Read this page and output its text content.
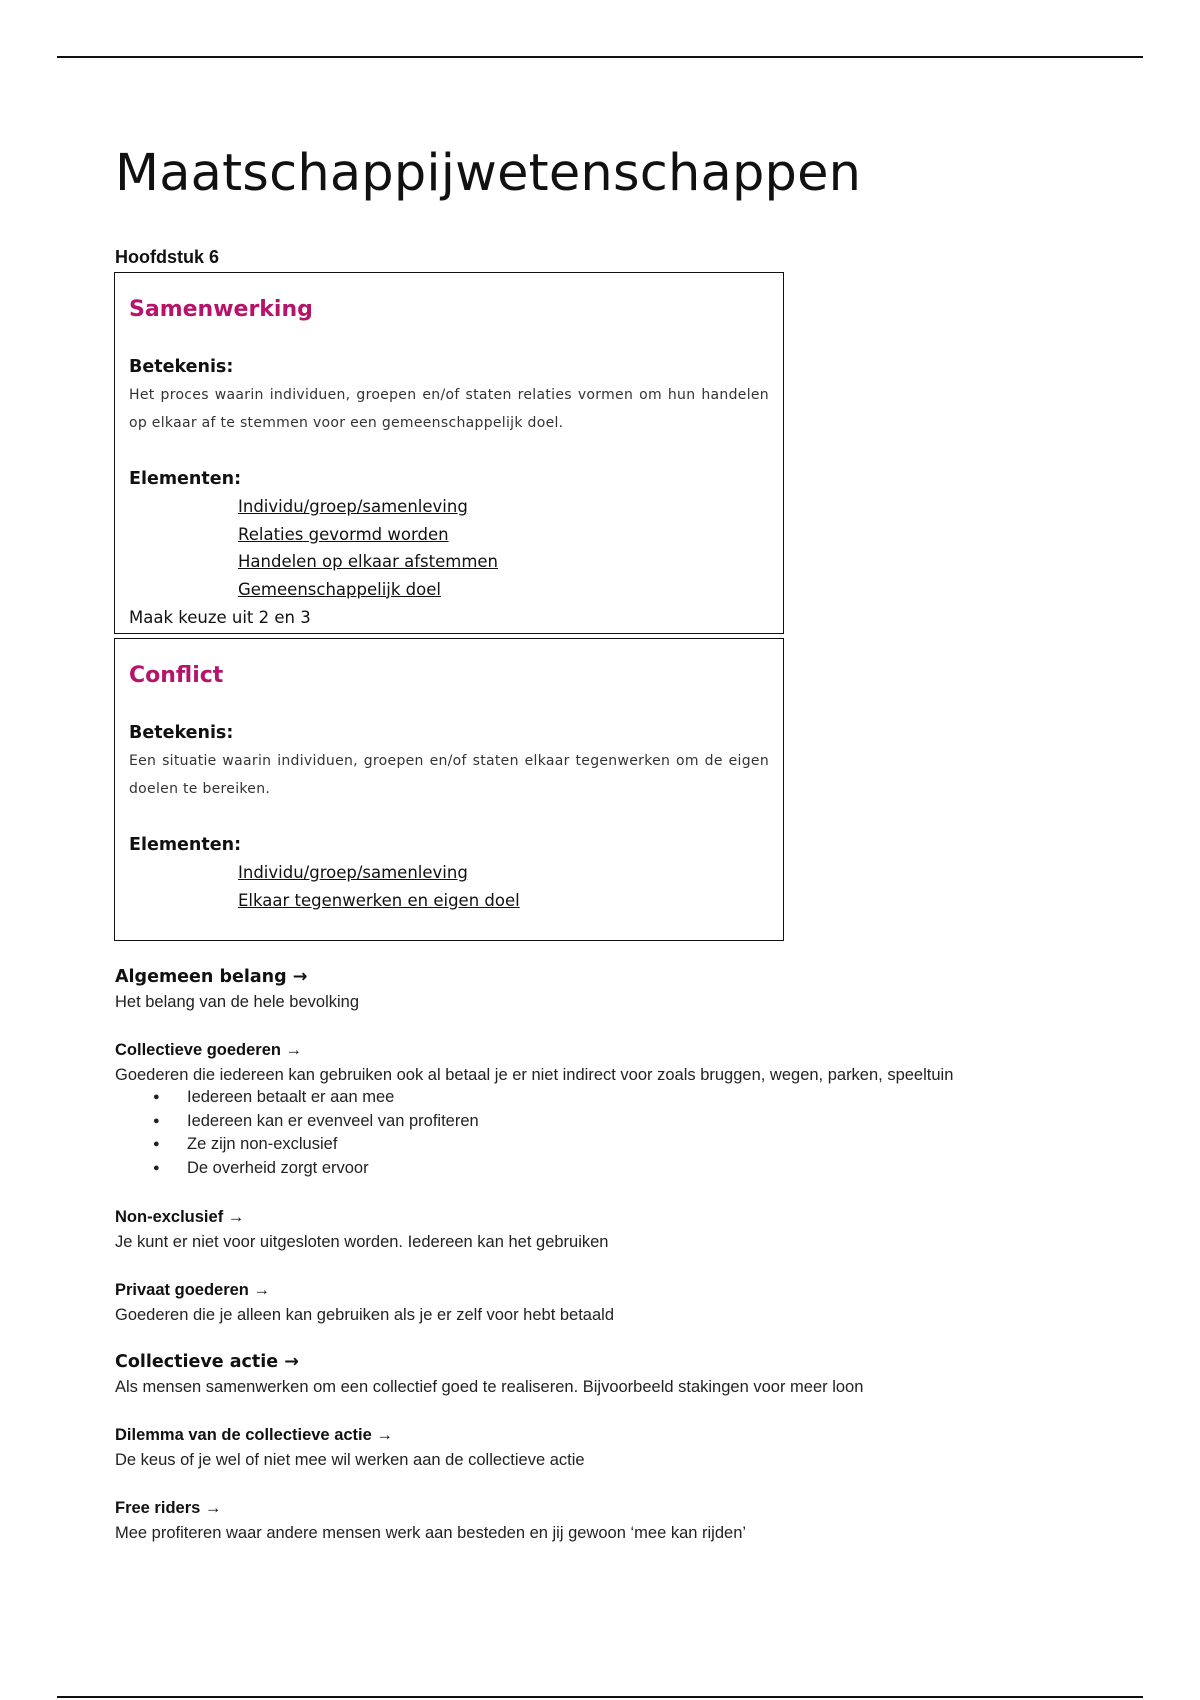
Maatschappijwetenschappen
Hoofdstuk 6
Samenwerking
Betekenis:
Het proces waarin individuen, groepen en/of staten relaties vormen om hun handelen op elkaar af te stemmen voor een gemeenschappelijk doel.
Elementen:
Individu/groep/samenleving
Relaties gevormd worden
Handelen op elkaar afstemmen
Gemeenschappelijk doel
Maak keuze uit 2 en 3
Conflict
Betekenis:
Een situatie waarin individuen, groepen en/of staten elkaar tegenwerken om de eigen doelen te bereiken.
Elementen:
Individu/groep/samenleving
Elkaar tegenwerken en eigen doel
Algemeen belang →
Het belang van de hele bevolking
Collectieve goederen →
Goederen die iedereen kan gebruiken ook al betaal je er niet indirect voor zoals bruggen, wegen, parken, speeltuin
● Iedereen betaalt er aan mee
● Iedereen kan er evenveel van profiteren
● Ze zijn non-exclusief
● De overheid zorgt ervoor
Non-exclusief →
Je kunt er niet voor uitgesloten worden. Iedereen kan het gebruiken
Privaat goederen →
Goederen die je alleen kan gebruiken als je er zelf voor hebt betaald
Collectieve actie →
Als mensen samenwerken om een collectief goed te realiseren. Bijvoorbeeld stakingen voor meer loon
Dilemma van de collectieve actie →
De keus of je wel of niet mee wil werken aan de collectieve actie
Free riders →
Mee profiteren waar andere mensen werk aan besteden en jij gewoon ‘mee kan rijden’
